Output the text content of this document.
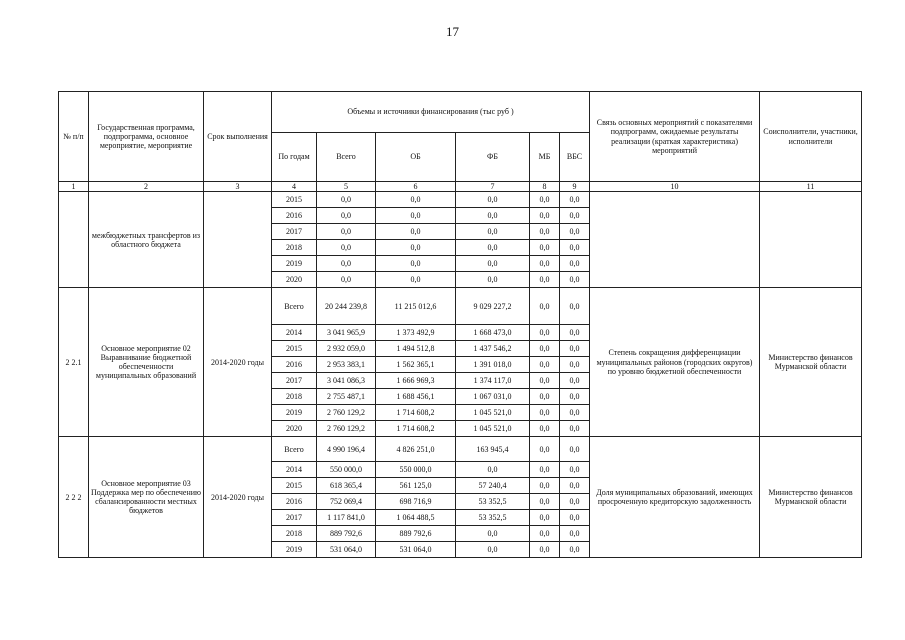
17
№ п/п	Государственная программа, подпрограмма, основное мероприятие, мероприятие	Срок выполнения	Объемы и источники финансирования (тыс руб )						Связь основных мероприятий с показателями подпрограмм, ожидаемые результаты реализации (краткая характеристика) мероприятий	Соисполнители, участники, исполнители
			По годам	Всего	ОБ	ФБ	МБ	ВБС		
1	2	3	4	5	6	7	8	9	10	11
	межбюджетных трансфертов из областного бюджета		2015	0,0	0,0	0,0	0,0	0,0		
			2016	0,0	0,0	0,0	0,0	0,0		
			2017	0,0	0,0	0,0	0,0	0,0		
			2018	0,0	0,0	0,0	0,0	0,0		
			2019	0,0	0,0	0,0	0,0	0,0		
			2020	0,0	0,0	0,0	0,0	0,0		
2 2.1	Основное мероприятие 02 Выравнивание бюджетной обеспеченности муниципальных образований	2014-2020 годы	Всего	20 244 239,8	11 215 012,6	9 029 227,2	0,0	0,0	Степень сокращения дифференциации муниципальных районов (городских округов) по уровню бюджетной обеспеченности	Министерство финансов Мурманской области
			2014	3 041 965,9	1 373 492,9	1 668 473,0	0,0	0,0		
			2015	2 932 059,0	1 494 512,8	1 437 546,2	0,0	0,0		
			2016	2 953 383,1	1 562 365,1	1 391 018,0	0,0	0,0		
			2017	3 041 086,3	1 666 969,3	1 374 117,0	0,0	0,0		
			2018	2 755 487,1	1 688 456,1	1 067 031,0	0,0	0,0		
			2019	2 760 129,2	1 714 608,2	1 045 521,0	0,0	0,0		
			2020	2 760 129,2	1 714 608,2	1 045 521,0	0,0	0,0		
2 2 2	Основное мероприятие 03 Поддержка мер по обеспечению сбалансированности местных бюджетов	2014-2020 годы	Всего	4 990 196,4	4 826 251,0	163 945,4	0,0	0,0	Доля муниципальных образований, имеющих просроченную кредиторскую задолженность	Министерство финансов Мурманской области
			2014	550 000,0	550 000,0	0,0	0,0	0,0		
			2015	618 365,4	561 125,0	57 240,4	0,0	0,0		
			2016	752 069,4	698 716,9	53 352,5	0,0	0,0		
			2017	1 117 841,0	1 064 488,5	53 352,5	0,0	0,0		
			2018	889 792,6	889 792,6	0,0	0,0	0,0		
			2019	531 064,0	531 064,0	0,0	0,0	0,0		
